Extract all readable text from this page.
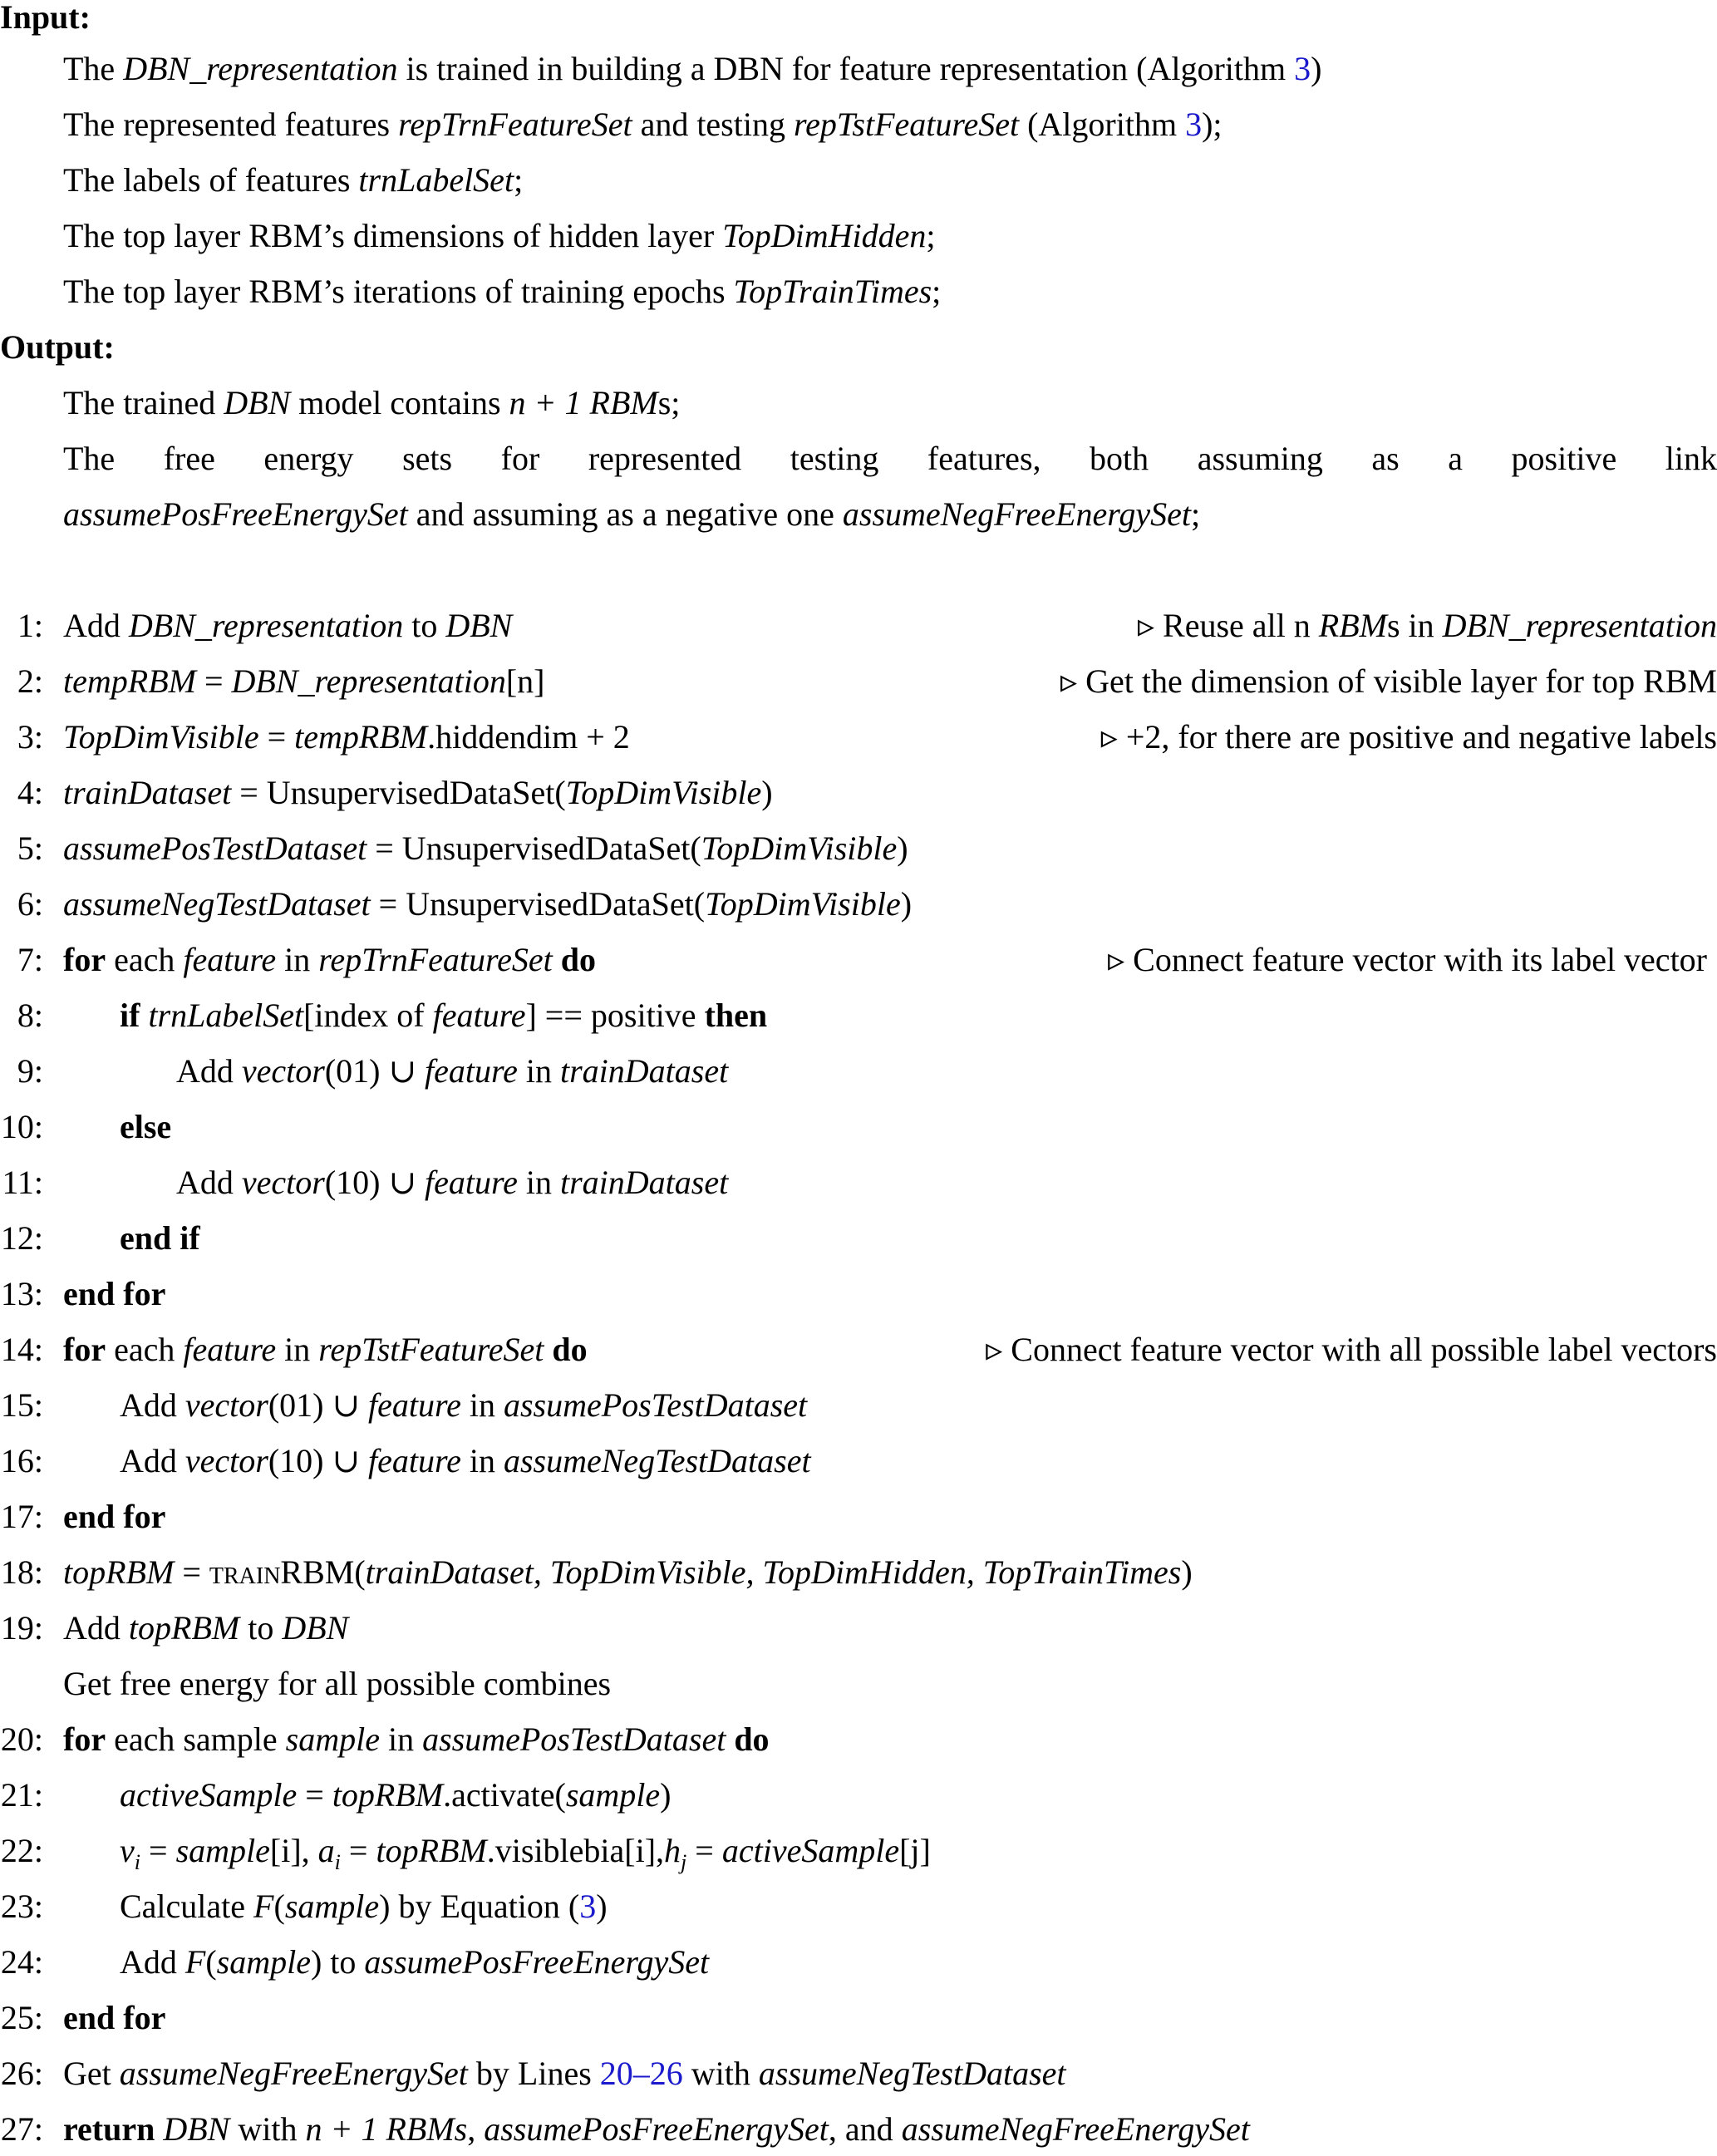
Input:
The DBN_representation is trained in building a DBN for feature representation (Algorithm 3)
The represented features repTrnFeatureSet and testing repTstFeatureSet (Algorithm 3);
The labels of features trnLabelSet;
The top layer RBM’s dimensions of hidden layer TopDimHidden;
The top layer RBM’s iterations of training epochs TopTrainTimes;
Output:
The trained DBN model contains n + 1 RBMs;
The free energy sets for represented testing features, both assuming as a positive link
assumePosFreeEnergySet and assuming as a negative one assumeNegFreeEnergySet;
1: Add DBN_representation to DBN	▹ Reuse all n RBMs in DBN_representation
2: tempRBM = DBN_representation[n]	▹ Get the dimension of visible layer for top RBM
3: TopDimVisible = tempRBM.hiddendim + 2	▹ +2, for there are positive and negative labels
4: trainDataset = UnsupervisedDataSet(TopDimVisible)
5: assumePosTestDataset = UnsupervisedDataSet(TopDimVisible)
6: assumeNegTestDataset = UnsupervisedDataSet(TopDimVisible)
7: for each feature in repTrnFeatureSet do	▹ Connect feature vector with its label vector
8: if trnLabelSet[index of feature] == positive then
9:	Add vector(01) ∪ feature in trainDataset
10: else
11:	Add vector(10) ∪ feature in trainDataset
12: end if
13: end for
14: for each feature in repTstFeatureSet do	▹ Connect feature vector with all possible label vectors
15: Add vector(01) ∪ feature in assumePosTestDataset
16: Add vector(10) ∪ feature in assumeNegTestDataset
17: end for
18: topRBM = trainRBM(trainDataset, TopDimVisible, TopDimHidden, TopTrainTimes)
19: Add topRBM to DBN
Get free energy for all possible combines
20: for each sample sample in assumePosTestDataset do
21: activeSample = topRBM.activate(sample)
22: $v_i$ = sample[i], $a_i$ = $topRBM.visiblebia[i],h_j$ = activeSample[j]
23: Calculate F(sample) by Equation (3)
24: Add F(sample) to assumePosFreeEnergySet
25: end for
26: Get assumeNegFreeEnergySet by Lines 20–26 with assumeNegTestDataset
27: return DBN with n + 1 RBMs, assumePosFreeEnergySet, and assumeNegFreeEnergySet
